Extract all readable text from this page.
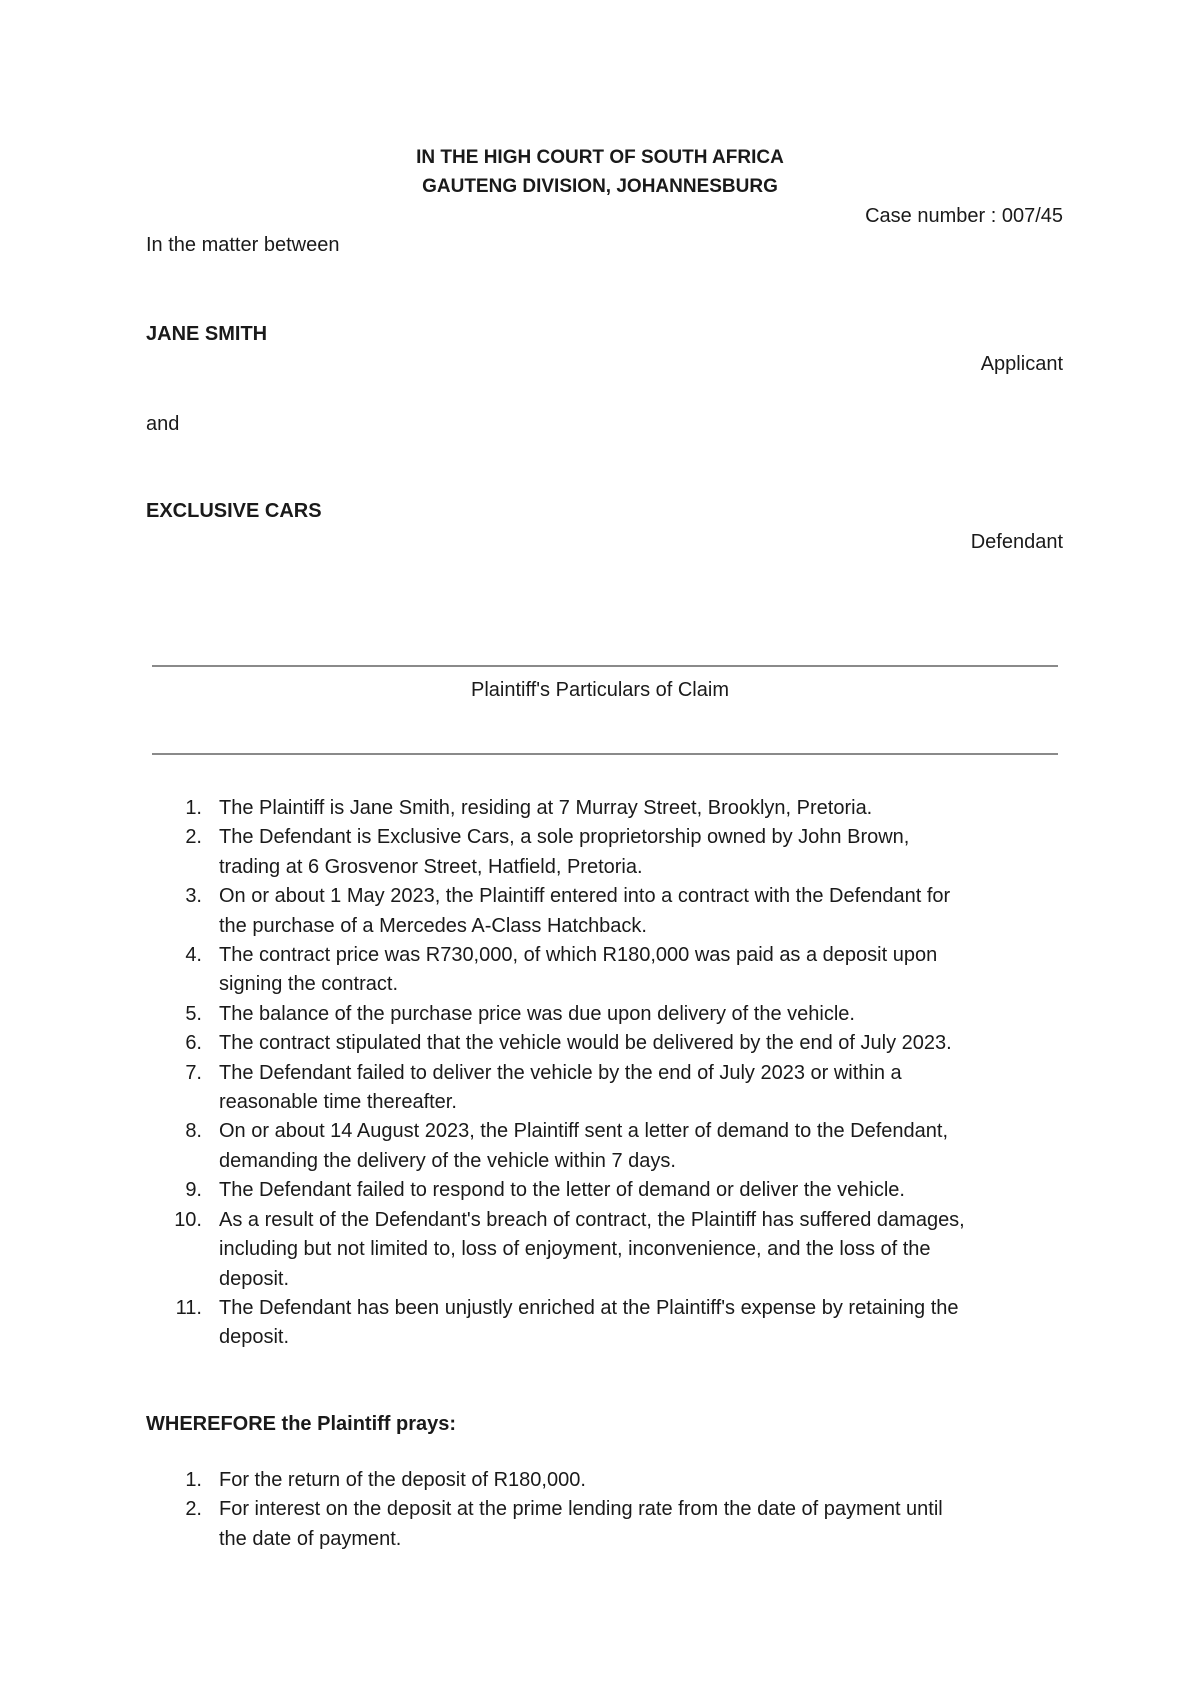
IN THE HIGH COURT OF SOUTH AFRICA

GAUTENG DIVISION, JOHANNESBURG

Case number : 007/45

In the matter between

JANE SMITH

Applicant

and

EXCLUSIVE CARS

Defendant

Plaintiff's Particulars of Claim

1. The Plaintiff is Jane Smith, residing at 7 Murray Street, Brooklyn, Pretoria.
2. The Defendant is Exclusive Cars, a sole proprietorship owned by John Brown,
trading at 6 Grosvenor Street, Hatfield, Pretoria.
3. On or about 1 May 2023, the Plaintiff entered into a contract with the Defendant for
the purchase of a Mercedes A-Class Hatchback.
4. The contract price was R730,000, of which R180,000 was paid as a deposit upon
signing the contract.
5. The balance of the purchase price was due upon delivery of the vehicle.
6. The contract stipulated that the vehicle would be delivered by the end of July 2023.
7. The Defendant failed to deliver the vehicle by the end of July 2023 or within a
reasonable time thereafter.
8. On or about 14 August 2023, the Plaintiff sent a letter of demand to the Defendant,
demanding the delivery of the vehicle within 7 days.
9. The Defendant failed to respond to the letter of demand or deliver the vehicle.
10. As a result of the Defendant's breach of contract, the Plaintiff has suffered damages,
including but not limited to, loss of enjoyment, inconvenience, and the loss of the
deposit.
11. The Defendant has been unjustly enriched at the Plaintiff's expense by retaining the
deposit.

WHEREFORE the Plaintiff prays:

1. For the return of the deposit of R180,000.
2. For interest on the deposit at the prime lending rate from the date of payment until
the date of payment.
